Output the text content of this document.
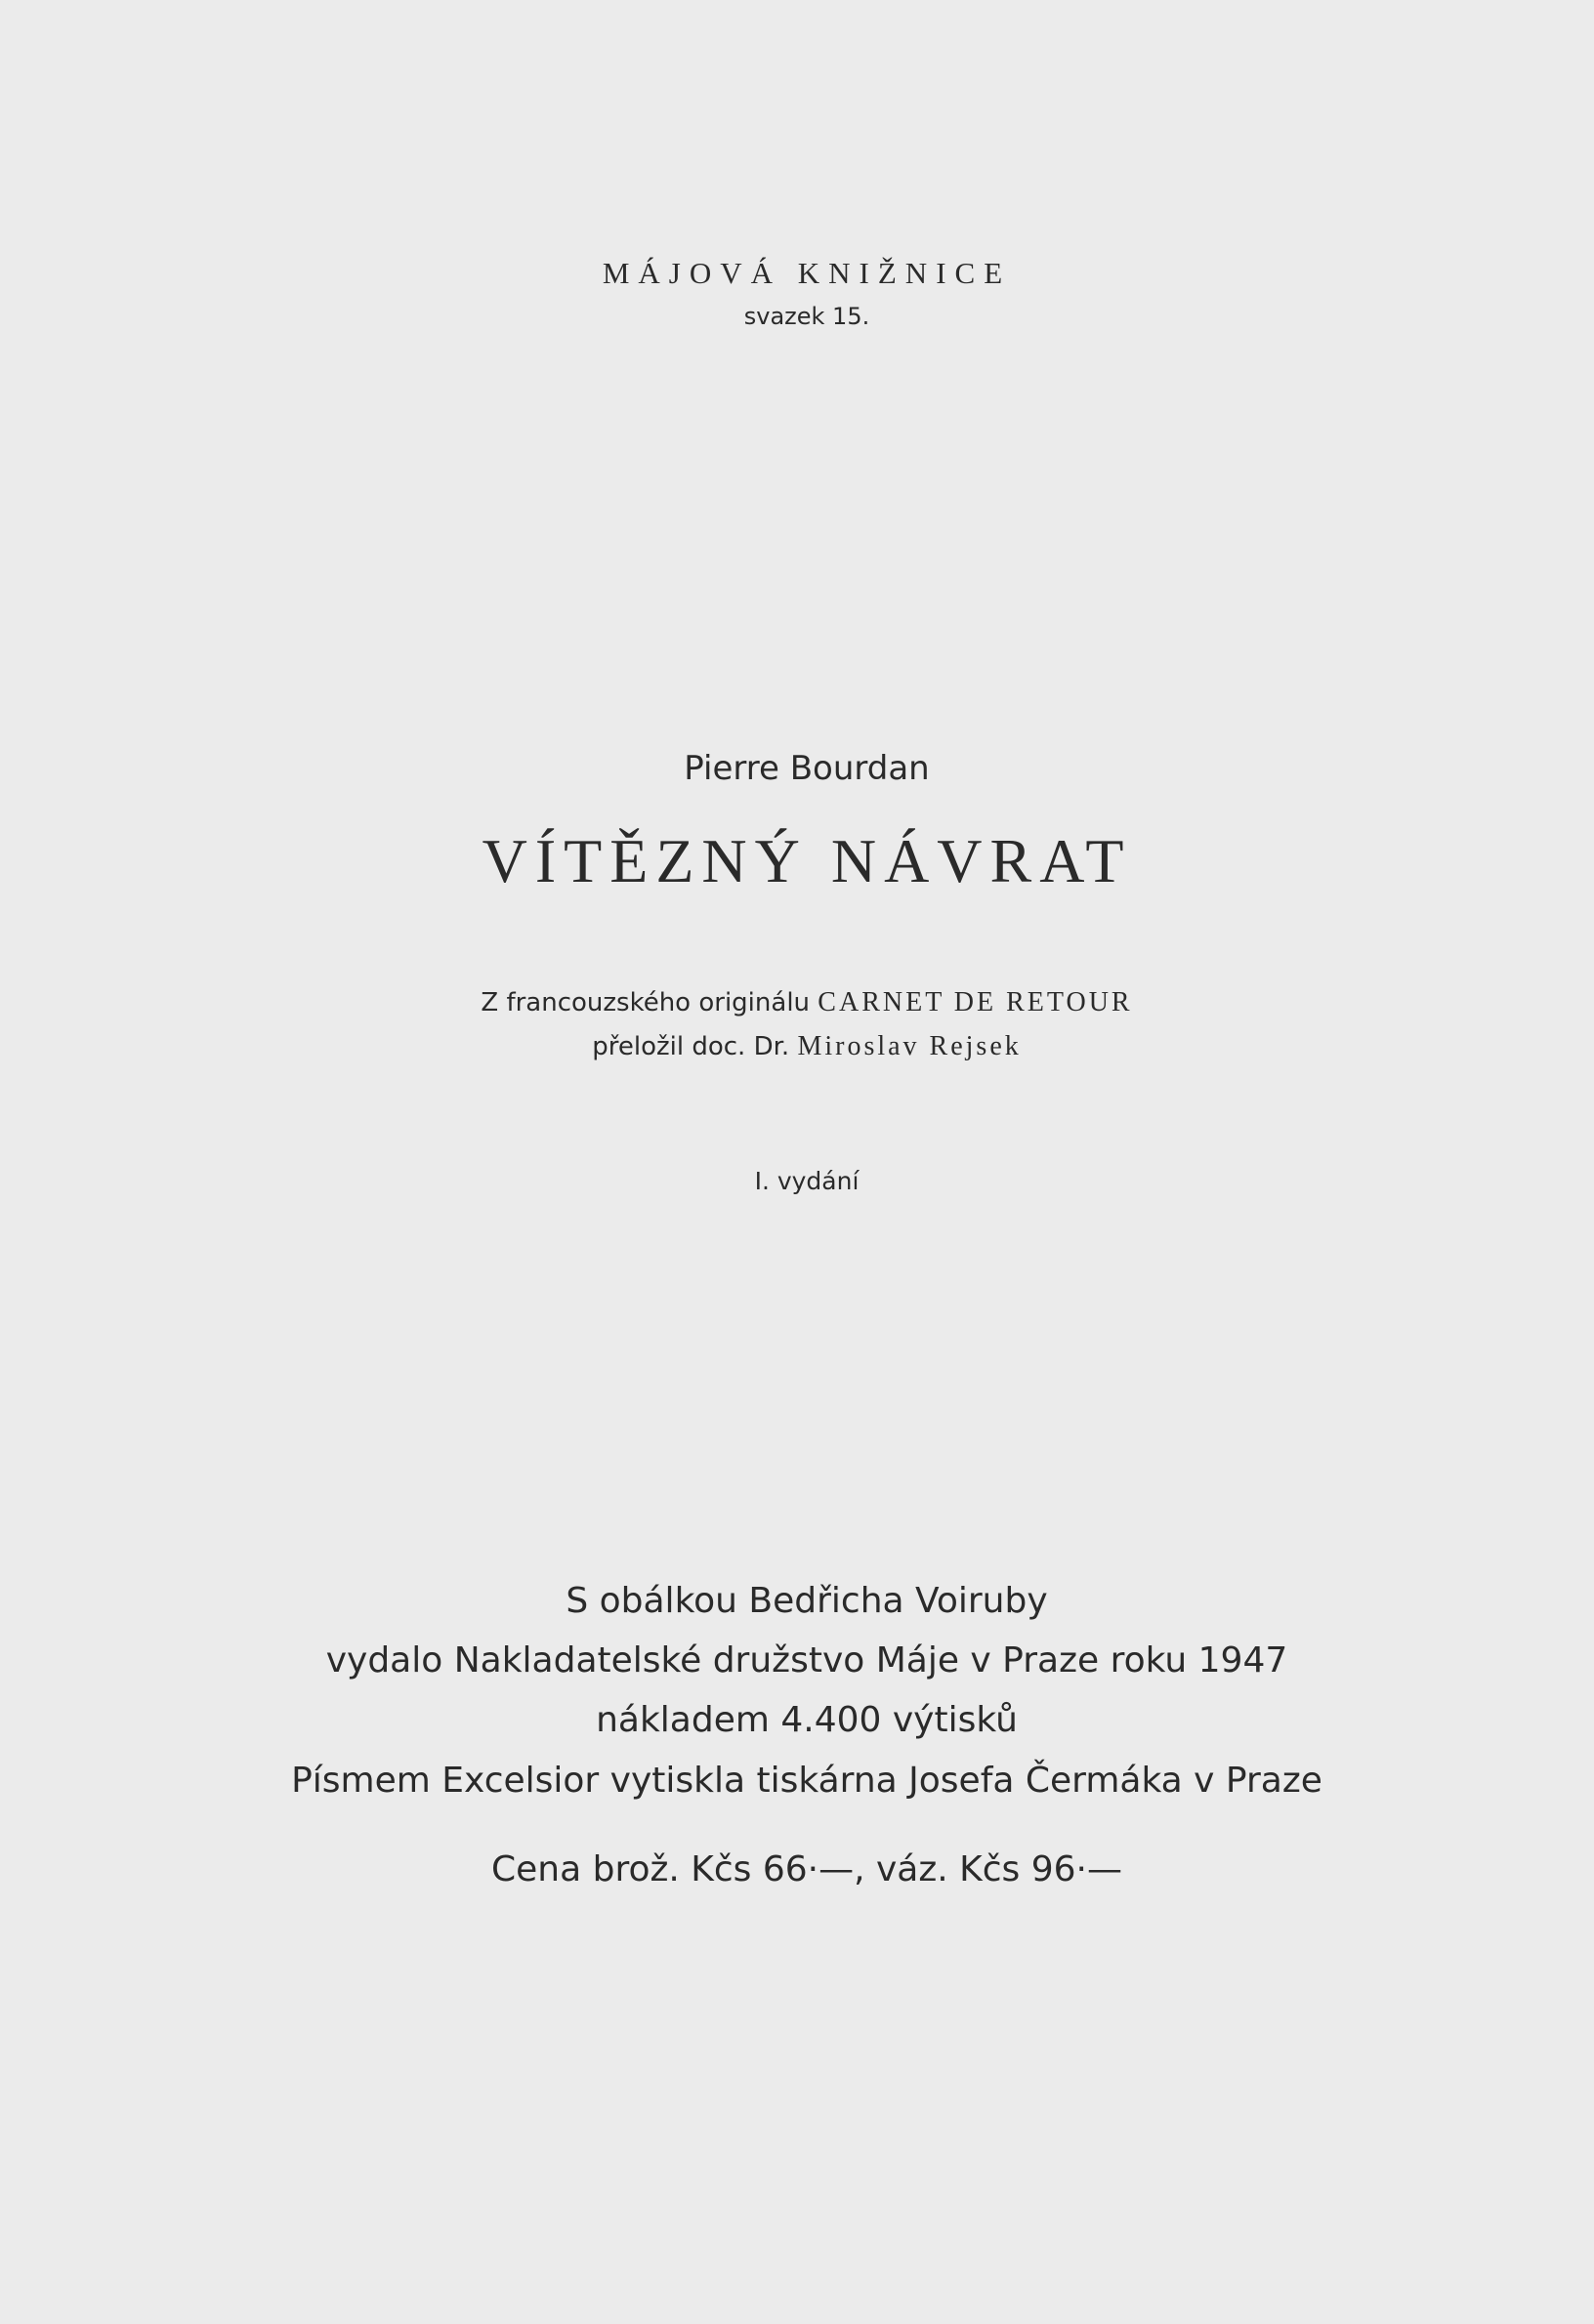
MÁJOVÁ KNIŽNICE
svazek 15.
Pierre Bourdan
VÍTĚZNÝ NÁVRAT
Z francouzského originálu CARNET DE RETOUR
přeložil doc. Dr. Miroslav Rejsek
I. vydání
S obálkou Bedřicha Voiruby
vydalo Nakladatelské družstvo Máje v Praze roku 1947
nákladem 4.400 výtisků
Písmem Excelsior vytiskla tiskárna Josefa Čermáka v Praze
Cena brož. Kčs 66·—, váz. Kčs 96·—
